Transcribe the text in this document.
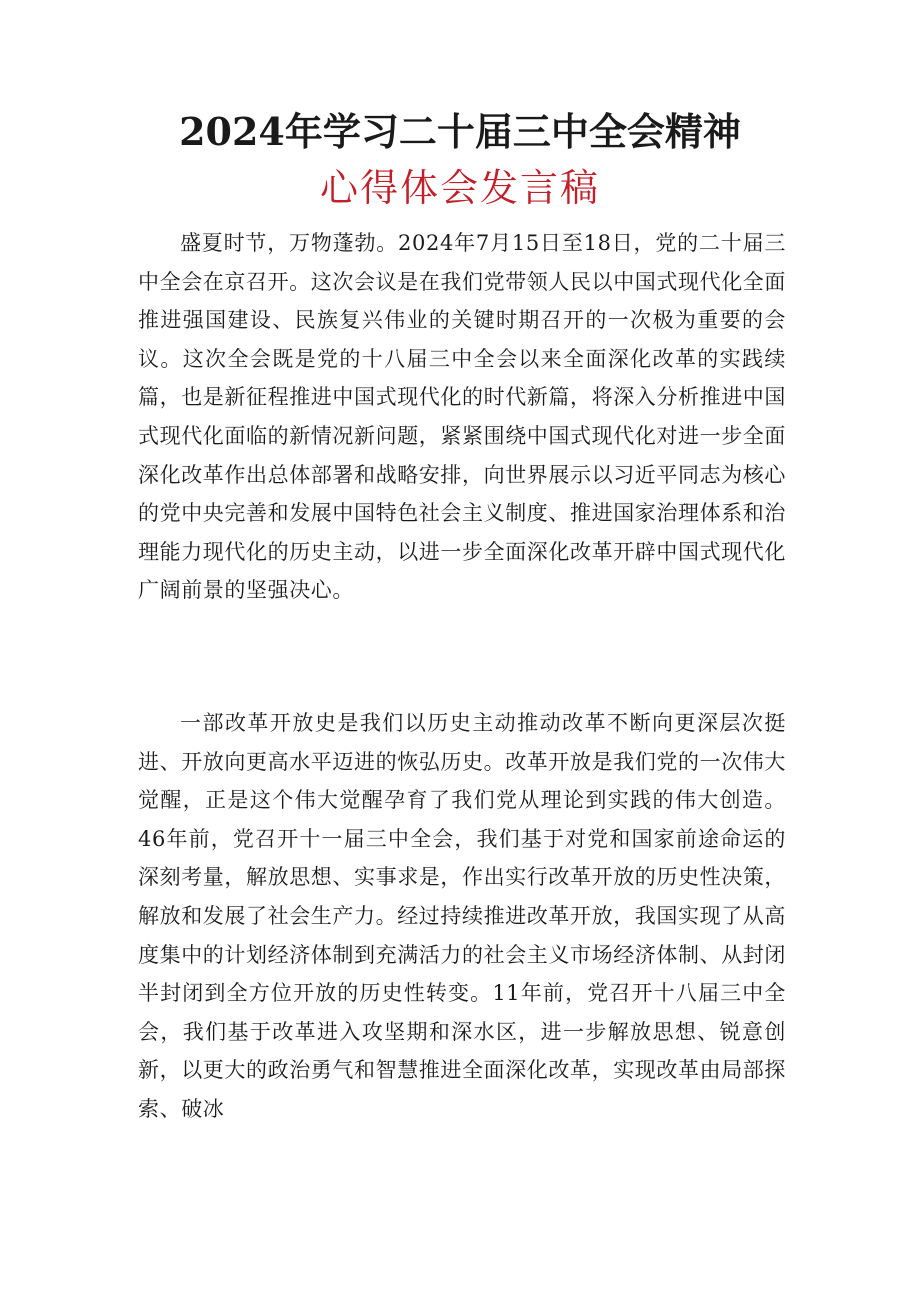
2024年学习二十届三中全会精神
心得体会发言稿

盛夏时节，万物蓬勃。2024年7月15日至18日，党的二十届三中全会在京召开。这次会议是在我们党带领人民以中国式现代化全面推进强国建设、民族复兴伟业的关键时期召开的一次极为重要的会议。这次全会既是党的十八届三中全会以来全面深化改革的实践续篇，也是新征程推进中国式现代化的时代新篇，将深入分析推进中国式现代化面临的新情况新问题，紧紧围绕中国式现代化对进一步全面深化改革作出总体部署和战略安排，向世界展示以习近平同志为核心的党中央完善和发展中国特色社会主义制度、推进国家治理体系和治理能力现代化的历史主动，以进一步全面深化改革开辟中国式现代化广阔前景的坚强决心。

一部改革开放史是我们以历史主动推动改革不断向更深层次挺进、开放向更高水平迈进的恢弘历史。改革开放是我们党的一次伟大觉醒，正是这个伟大觉醒孕育了我们党从理论到实践的伟大创造。46年前，党召开十一届三中全会，我们基于对党和国家前途命运的深刻考量，解放思想、实事求是，作出实行改革开放的历史性决策，解放和发展了社会生产力。经过持续推进改革开放，我国实现了从高度集中的计划经济体制到充满活力的社会主义市场经济体制、从封闭半封闭到全方位开放的历史性转变。11年前，党召开十八届三中全会，我们基于改革进入攻坚期和深水区，进一步解放思想、锐意创新，以更大的政治勇气和智慧推进全面深化改革，实现改革由局部探索、破冰
